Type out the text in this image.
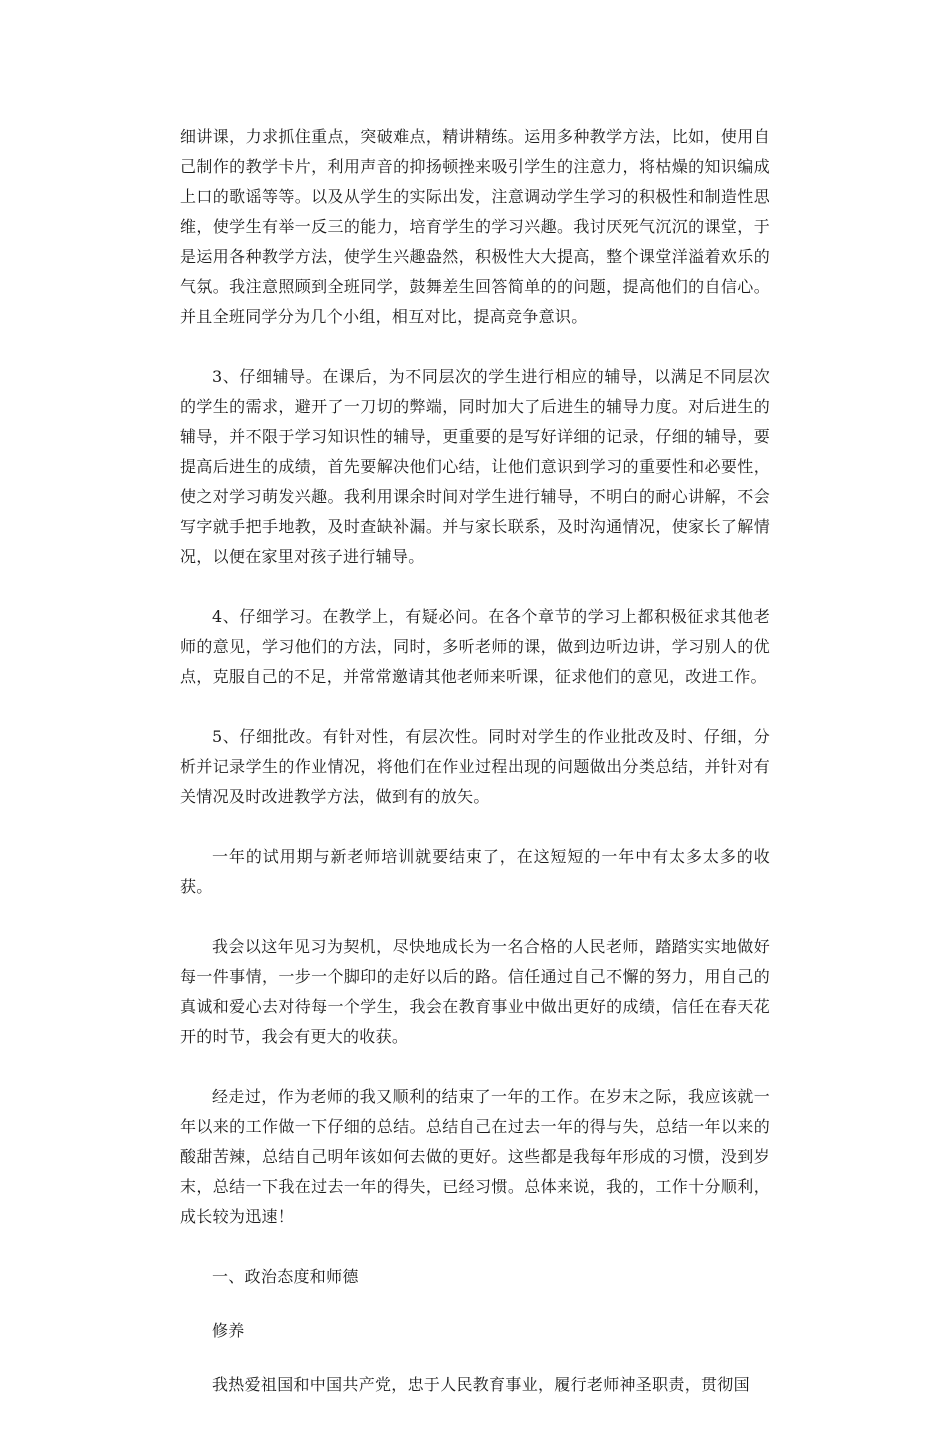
细讲课，力求抓住重点，突破难点，精讲精练。运用多种教学方法，比如，使用自己制作的教学卡片，利用声音的抑扬顿挫来吸引学生的注意力，将枯燥的知识编成上口的歌谣等等。以及从学生的实际出发，注意调动学生学习的积极性和制造性思维，使学生有举一反三的能力，培育学生的学习兴趣。我讨厌死气沉沉的课堂，于是运用各种教学方法，使学生兴趣盎然，积极性大大提高，整个课堂洋溢着欢乐的气氛。我注意照顾到全班同学，鼓舞差生回答简单的的问题，提高他们的自信心。并且全班同学分为几个小组，相互对比，提高竞争意识。

3、仔细辅导。在课后，为不同层次的学生进行相应的辅导，以满足不同层次的学生的需求，避开了一刀切的弊端，同时加大了后进生的辅导力度。对后进生的辅导，并不限于学习知识性的辅导，更重要的是写好详细的记录，仔细的辅导，要提高后进生的成绩，首先要解决他们心结，让他们意识到学习的重要性和必要性，使之对学习萌发兴趣。我利用课余时间对学生进行辅导，不明白的耐心讲解，不会写字就手把手地教，及时查缺补漏。并与家长联系，及时沟通情况，使家长了解情况，以便在家里对孩子进行辅导。

4、仔细学习。在教学上，有疑必问。在各个章节的学习上都积极征求其他老师的意见，学习他们的方法，同时，多听老师的课，做到边听边讲，学习别人的优点，克服自己的不足，并常常邀请其他老师来听课，征求他们的意见，改进工作。

5、仔细批改。有针对性，有层次性。同时对学生的作业批改及时、仔细，分析并记录学生的作业情况，将他们在作业过程出现的问题做出分类总结，并针对有关情况及时改进教学方法，做到有的放矢。

一年的试用期与新老师培训就要结束了，在这短短的一年中有太多太多的收获。

我会以这年见习为契机，尽快地成长为一名合格的人民老师，踏踏实实地做好每一件事情，一步一个脚印的走好以后的路。信任通过自己不懈的努力，用自己的真诚和爱心去对待每一个学生，我会在教育事业中做出更好的成绩，信任在春天花开的时节，我会有更大的收获。

经走过，作为老师的我又顺利的结束了一年的工作。在岁末之际，我应该就一年以来的工作做一下仔细的总结。总结自己在过去一年的得与失，总结一年以来的酸甜苦辣，总结自己明年该如何去做的更好。这些都是我每年形成的习惯，没到岁末，总结一下我在过去一年的得失，已经习惯。总体来说，我的，工作十分顺利，成长较为迅速！

一、政治态度和师德

修养

我热爱祖国和中国共产党，忠于人民教育事业，履行老师神圣职责，贯彻国
